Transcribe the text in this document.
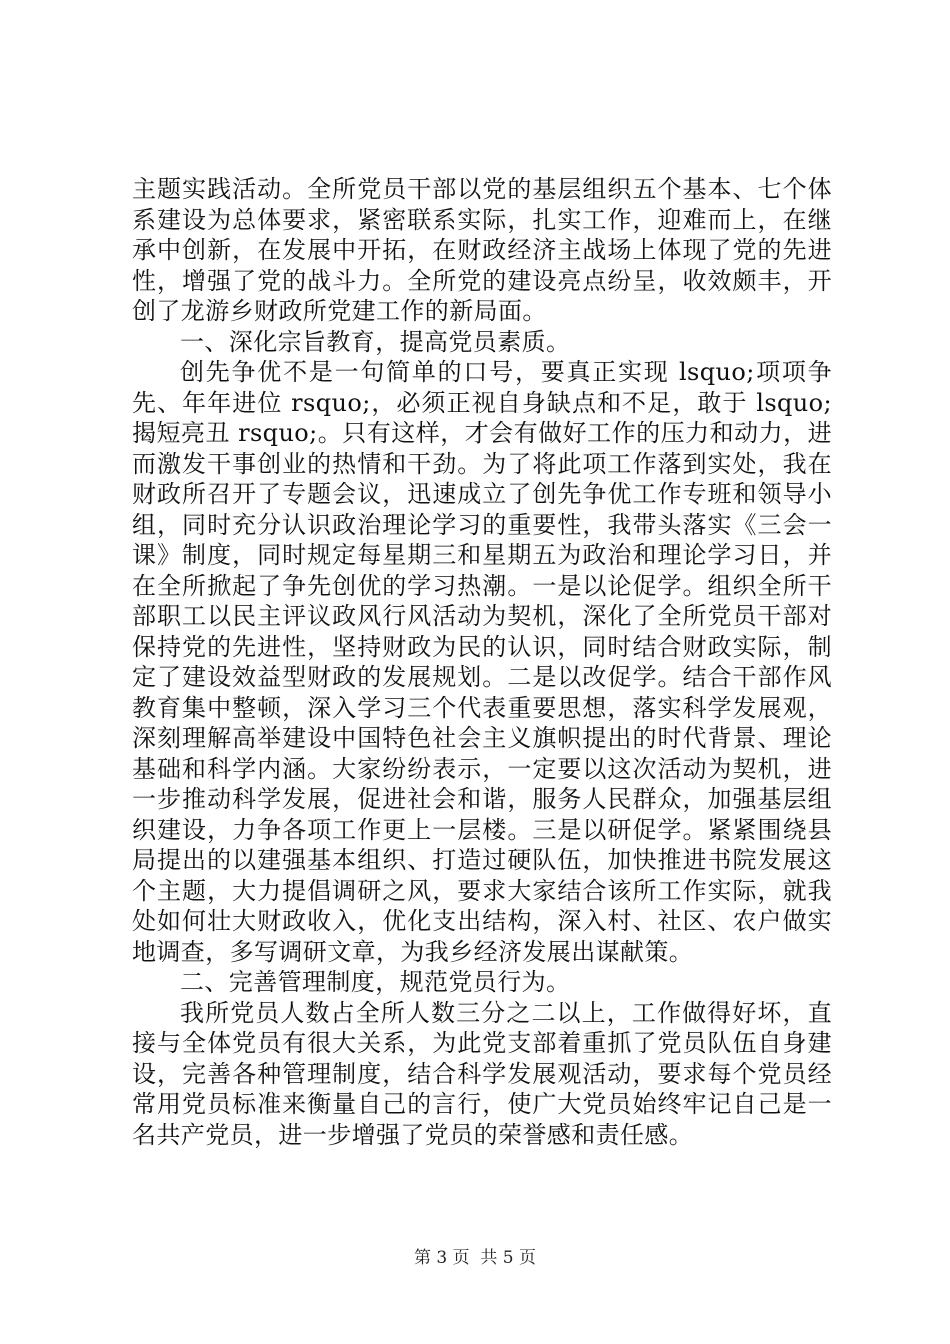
主题实践活动。全所党员干部以党的基层组织五个基本、七个体系建设为总体要求，紧密联系实际，扎实工作，迎难而上，在继承中创新，在发展中开拓，在财政经济主战场上体现了党的先进性，增强了党的战斗力。全所党的建设亮点纷呈，收效颇丰，开创了龙游乡财政所党建工作的新局面。

一、深化宗旨教育，提高党员素质。

创先争优不是一句简单的口号，要真正实现 lsquo;项项争先、年年进位 rsquo;，必须正视自身缺点和不足，敢于 lsquo;揭短亮丑 rsquo;。只有这样，才会有做好工作的压力和动力，进而激发干事创业的热情和干劲。为了将此项工作落到实处，我在财政所召开了专题会议，迅速成立了创先争优工作专班和领导小组，同时充分认识政治理论学习的重要性，我带头落实《三会一课》制度，同时规定每星期三和星期五为政治和理论学习日，并在全所掀起了争先创优的学习热潮。一是以论促学。组织全所干部职工以民主评议政风行风活动为契机，深化了全所党员干部对保持党的先进性，坚持财政为民的认识，同时结合财政实际，制定了建设效益型财政的发展规划。二是以改促学。结合干部作风教育集中整顿，深入学习三个代表重要思想，落实科学发展观，深刻理解高举建设中国特色社会主义旗帜提出的时代背景、理论基础和科学内涵。大家纷纷表示，一定要以这次活动为契机，进一步推动科学发展，促进社会和谐，服务人民群众，加强基层组织建设，力争各项工作更上一层楼。三是以研促学。紧紧围绕县局提出的以建强基本组织、打造过硬队伍，加快推进书院发展这个主题，大力提倡调研之风，要求大家结合该所工作实际，就我处如何壮大财政收入，优化支出结构，深入村、社区、农户做实地调查，多写调研文章，为我乡经济发展出谋献策。

二、完善管理制度，规范党员行为。

我所党员人数占全所人数三分之二以上，工作做得好坏，直接与全体党员有很大关系，为此党支部着重抓了党员队伍自身建设，完善各种管理制度，结合科学发展观活动，要求每个党员经常用党员标准来衡量自己的言行，使广大党员始终牢记自己是一名共产党员，进一步增强了党员的荣誉感和责任感。

第 3 页  共 5 页
